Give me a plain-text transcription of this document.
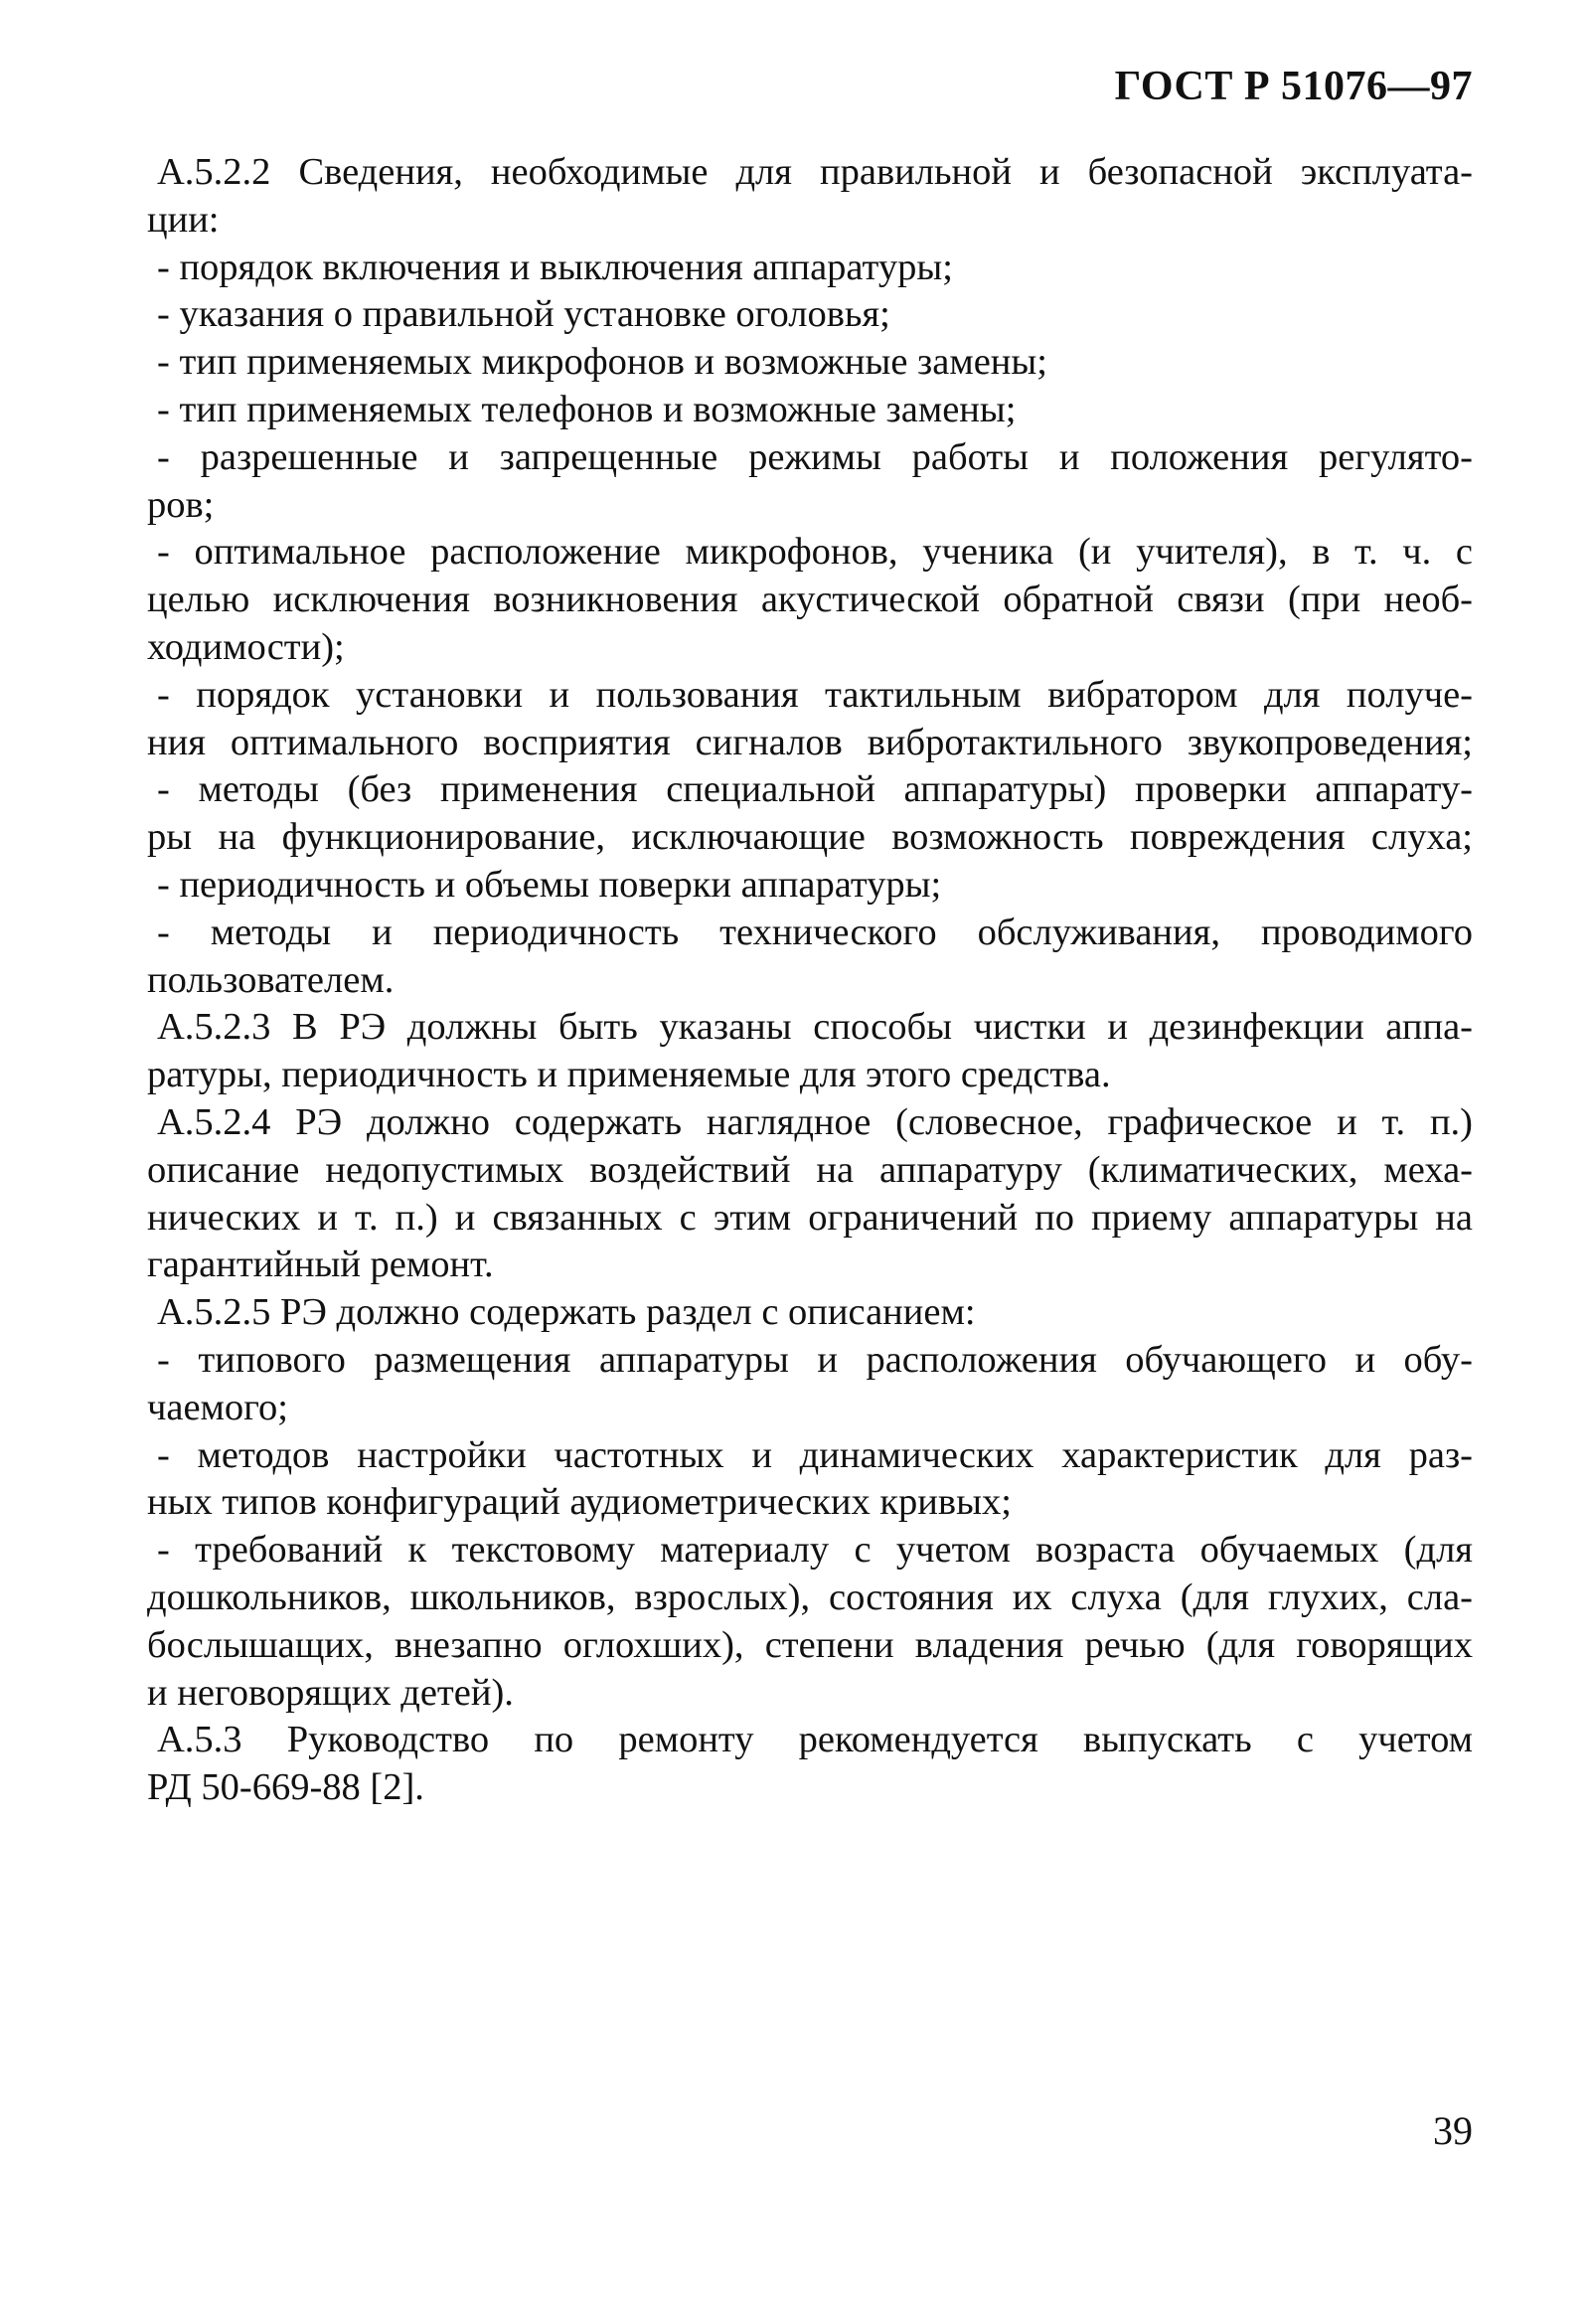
ГОСТ Р 51076—97
А.5.2.2 Сведения, необходимые для правильной и безопасной эксплуата-
ции:
- порядок включения и выключения аппаратуры;
- указания о правильной установке оголовья;
- тип применяемых микрофонов и возможные замены;
- тип применяемых телефонов и возможные замены;
- разрешенные и запрещенные режимы работы и положения регулято-
ров;
- оптимальное расположение микрофонов, ученика (и учителя), в т. ч. с
целью исключения возникновения акустической обратной связи (при необ-
ходимости);
- порядок установки и пользования тактильным вибратором для получе-
ния оптимального восприятия сигналов вибротактильного звукопроведения;
- методы (без применения специальной аппаратуры) проверки аппарату-
ры на функционирование, исключающие возможность повреждения слуха;
- периодичность и объемы поверки аппаратуры;
- методы и периодичность технического обслуживания, проводимого
пользователем.
А.5.2.3 В РЭ должны быть указаны способы чистки и дезинфекции аппа-
ратуры, периодичность и применяемые для этого средства.
А.5.2.4 РЭ должно содержать наглядное (словесное, графическое и т. п.)
описание недопустимых воздействий на аппаратуру (климатических, меха-
нических и т. п.) и связанных с этим ограничений по приему аппаратуры на
гарантийный ремонт.
А.5.2.5 РЭ должно содержать раздел с описанием:
- типового размещения аппаратуры и расположения обучающего и обу-
чаемого;
- методов настройки частотных и динамических характеристик для раз-
ных типов конфигураций аудиометрических кривых;
- требований к текстовому материалу с учетом возраста обучаемых (для
дошкольников, школьников, взрослых), состояния их слуха (для глухих, сла-
бослышащих, внезапно оглохших), степени владения речью (для говорящих
и неговорящих детей).
А.5.3 Руководство по ремонту рекомендуется выпускать с учетом
РД 50-669-88 [2].
39
